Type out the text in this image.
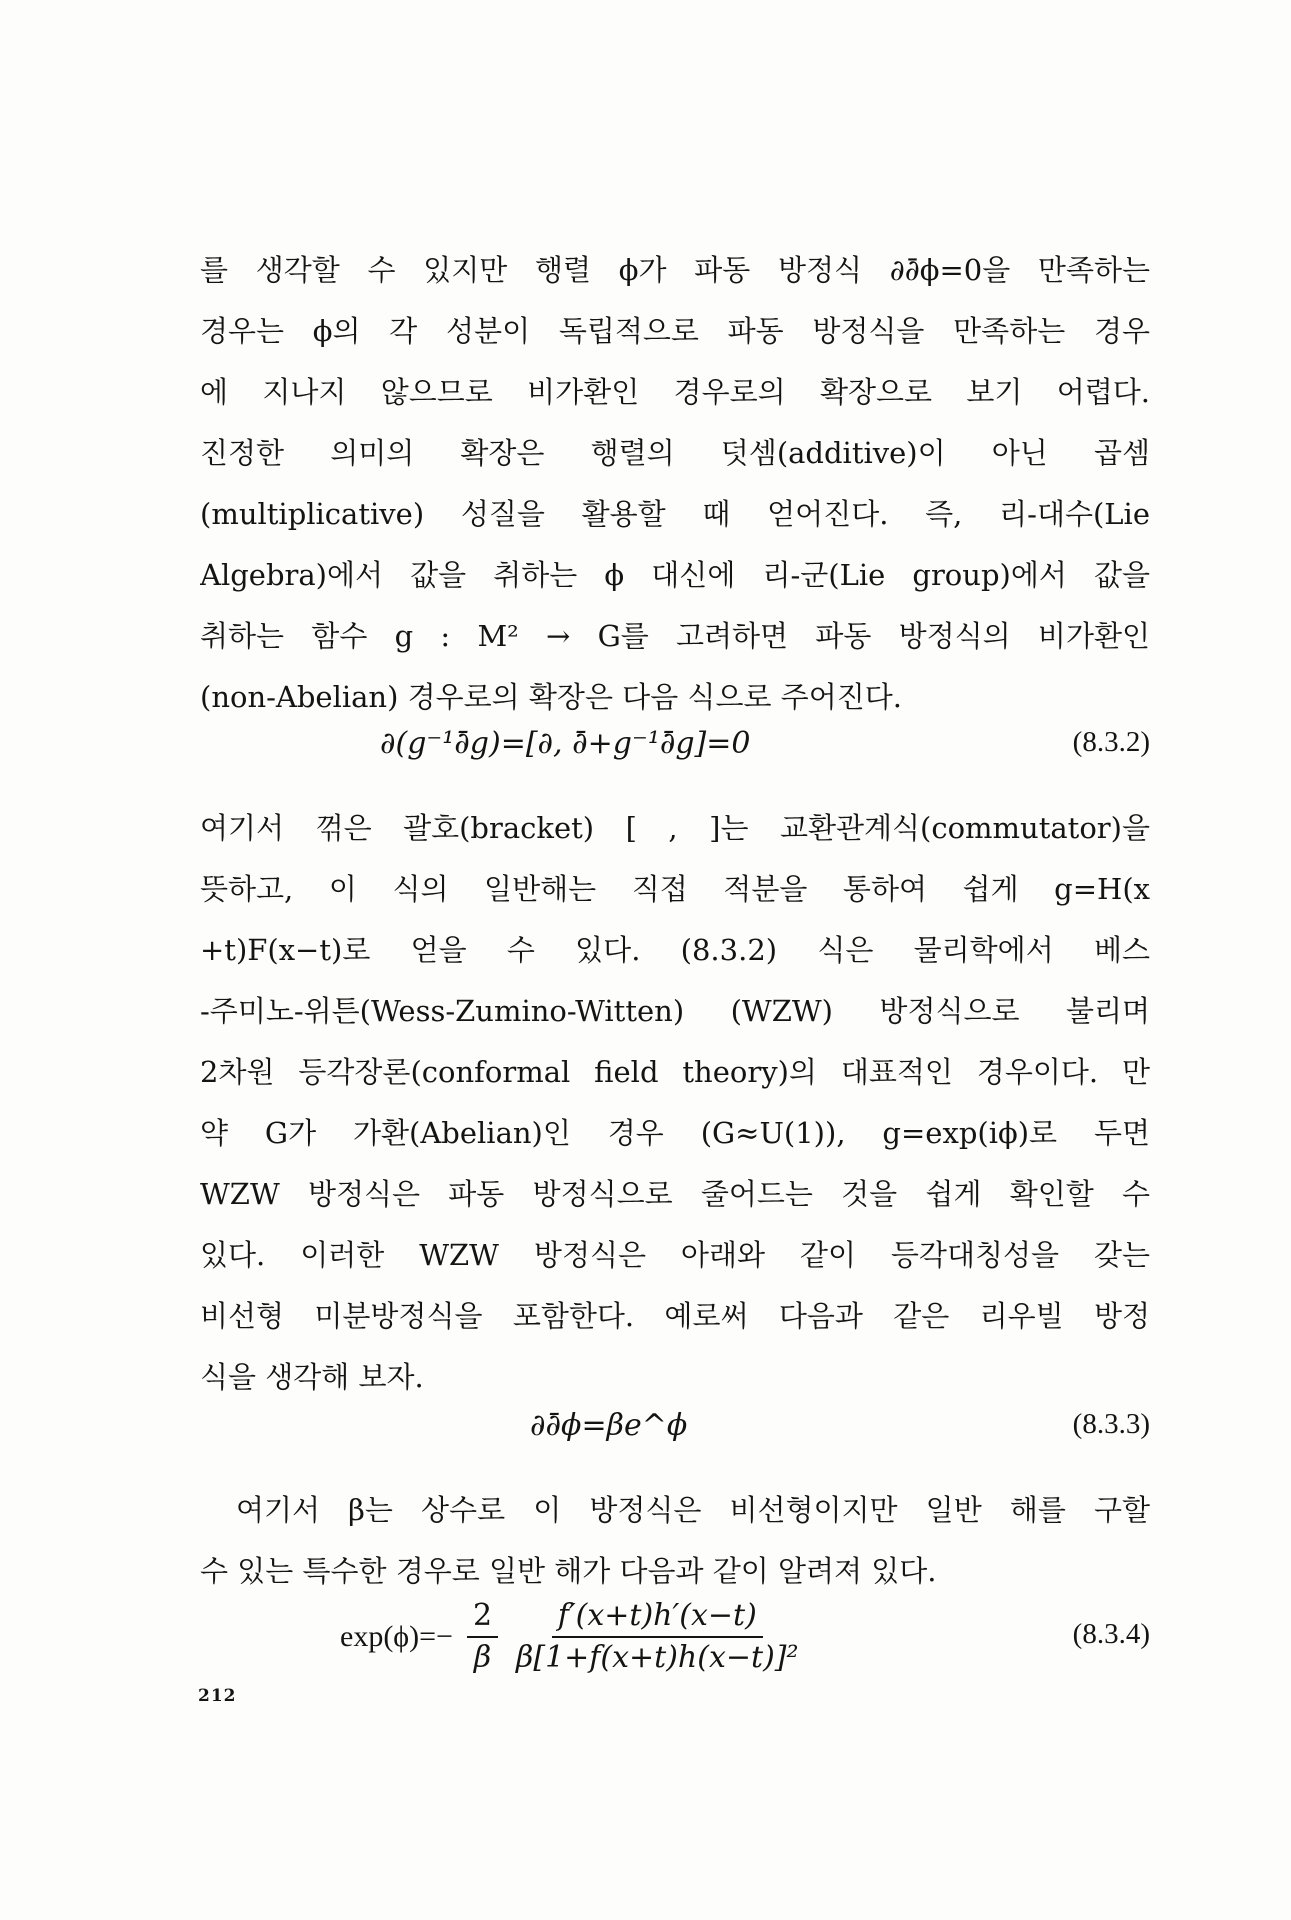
를 생각할 수 있지만 행렬 ϕ가 파동 방정식 ∂∂̄ϕ=0을 만족하는
경우는 ϕ의 각 성분이 독립적으로 파동 방정식을 만족하는 경우
에 지나지 않으므로 비가환인 경우로의 확장으로 보기 어렵다.
진정한 의미의 확장은 행렬의 덧셈(additive)이 아닌 곱셈
(multiplicative) 성질을 활용할 때 얻어진다. 즉, 리-대수(Lie
Algebra)에서 값을 취하는 ϕ 대신에 리-군(Lie group)에서 값을
취하는 함수 g : M² → G를 고려하면 파동 방정식의 비가환인
(non-Abelian) 경우로의 확장은 다음 식으로 주어진다.
∂(g⁻¹∂̄g)=[∂, ∂̄+g⁻¹∂̄g]=0	(8.3.2)
여기서 꺾은 괄호(bracket) [ , ]는 교환관계식(commutator)을
뜻하고, 이 식의 일반해는 직접 적분을 통하여 쉽게 g=H(x
+t)F(x−t)로 얻을 수 있다. (8.3.2) 식은 물리학에서 베스
-주미노-위튼(Wess-Zumino-Witten) (WZW) 방정식으로 불리며
2차원 등각장론(conformal field theory)의 대표적인 경우이다. 만
약 G가 가환(Abelian)인 경우 (G≈U(1)), g=exp(iϕ)로 두면
WZW 방정식은 파동 방정식으로 줄어드는 것을 쉽게 확인할 수
있다. 이러한 WZW 방정식은 아래와 같이 등각대칭성을 갖는
비선형 미분방정식을 포함한다. 예로써 다음과 같은 리우빌 방정
식을 생각해 보자.
∂∂̄ϕ=βe^ϕ	(8.3.3)
여기서 β는 상수로 이 방정식은 비선형이지만 일반 해를 구할
수 있는 특수한 경우로 일반 해가 다음과 같이 알려져 있다.
$\exp(\phi)=- \frac{2}{\beta} \frac{f'(x+t)h'(x-t)}{\text{β[1+f(x+t)h(x−t)]²}}$	(8.3.4)
212
